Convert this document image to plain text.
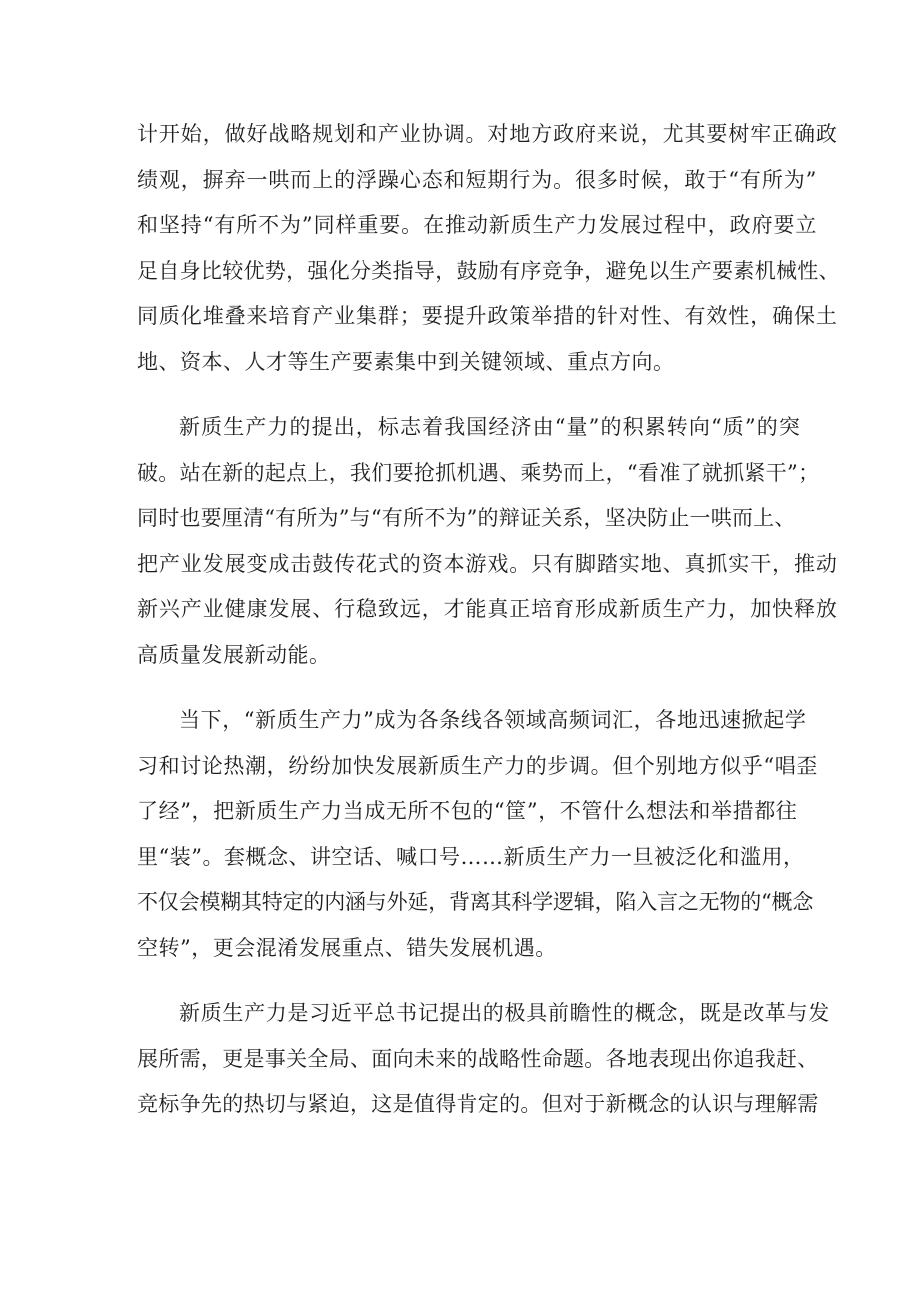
计开始，做好战略规划和产业协调。对地方政府来说，尤其要树牢正确政
绩观，摒弃一哄而上的浮躁心态和短期行为。很多时候，敢于“有所为”
和坚持“有所不为”同样重要。在推动新质生产力发展过程中，政府要立
足自身比较优势，强化分类指导，鼓励有序竞争，避免以生产要素机械性、
同质化堆叠来培育产业集群；要提升政策举措的针对性、有效性，确保土
地、资本、人才等生产要素集中到关键领域、重点方向。
新质生产力的提出，标志着我国经济由“量”的积累转向“质”的突
破。站在新的起点上，我们要抢抓机遇、乘势而上，“看准了就抓紧干”；
同时也要厘清“有所为”与“有所不为”的辩证关系，坚决防止一哄而上、
把产业发展变成击鼓传花式的资本游戏。只有脚踏实地、真抓实干，推动
新兴产业健康发展、行稳致远，才能真正培育形成新质生产力，加快释放
高质量发展新动能。
当下，“新质生产力”成为各条线各领域高频词汇，各地迅速掀起学
习和讨论热潮，纷纷加快发展新质生产力的步调。但个别地方似乎“唱歪
了经”，把新质生产力当成无所不包的“筐”，不管什么想法和举措都往
里“装”。套概念、讲空话、喊口号……新质生产力一旦被泛化和滥用，
不仅会模糊其特定的内涵与外延，背离其科学逻辑，陷入言之无物的“概念
空转”，更会混淆发展重点、错失发展机遇。
新质生产力是习近平总书记提出的极具前瞻性的概念，既是改革与发
展所需，更是事关全局、面向未来的战略性命题。各地表现出你追我赶、
竞标争先的热切与紧迫，这是值得肯定的。但对于新概念的认识与理解需
